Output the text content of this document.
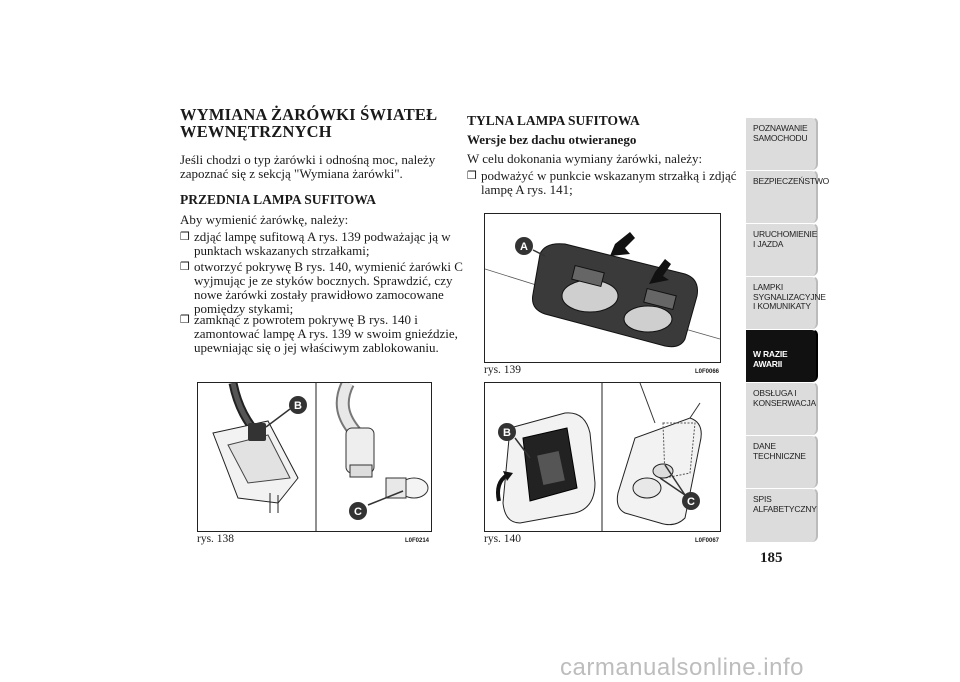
WYMIANA ŻARÓWKI ŚWIATEŁ WEWNĘTRZNYCH

Jeśli chodzi o typ żarówki i odnośną moc, należy zapoznać się z sekcją "Wymiana żarówki".

PRZEDNIA LAMPA SUFITOWA

Aby wymienić żarówkę, należy:

❒ zdjąć lampę sufitową A rys. 139 podważając ją w punktach wskazanych strzałkami;
❒ otworzyć pokrywę B rys. 140, wymienić żarówki C wyjmując je ze styków bocznych. Sprawdzić, czy nowe żarówki zostały prawidłowo zamocowane pomiędzy stykami;
❒ zamknąć z powrotem pokrywę B rys. 140 i zamontować lampę A rys. 139 w swoim gnieździe, upewniając się o jej właściwym zablokowaniu.
B
C
rys. 138	L0F0214

TYLNA LAMPA SUFITOWA

Wersje bez dachu otwieranego

W celu dokonania wymiany żarówki, należy:

❒ podważyć w punkcie wskazanym strzałką i zdjąć lampę A rys. 141;
A
rys. 139	L0F0066
B
C
rys. 140	L0F0067
POZNAWANIE SAMOCHODU
BEZPIECZEŃSTWO
URUCHOMIENIE I JAZDA
LAMPKI SYGNALIZACYJNE I KOMUNIKATY
W RAZIE AWARII
OBSŁUGA I KONSERWACJA
DANE TECHNICZNE
SPIS ALFABETYCZNY
185
carmanualsonline.info
